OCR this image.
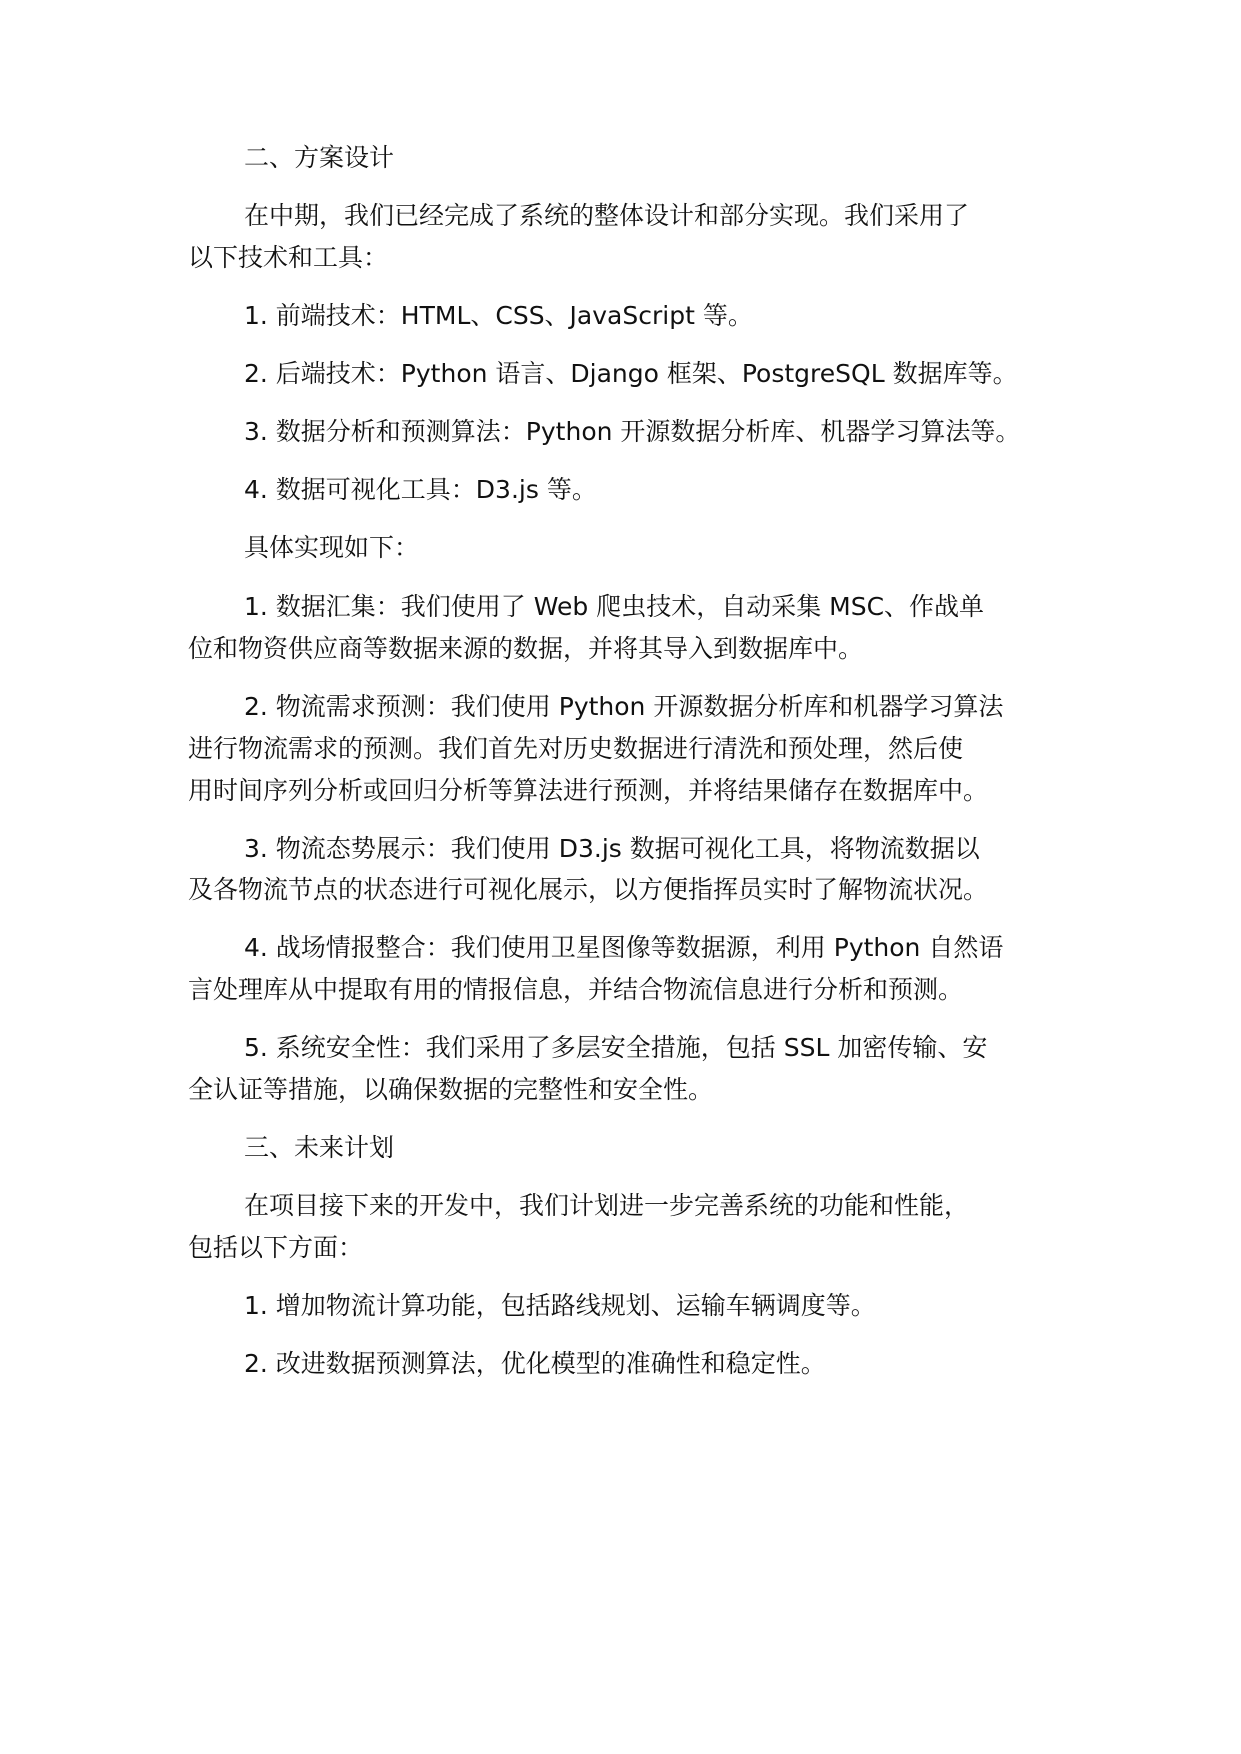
二、方案设计
在中期，我们已经完成了系统的整体设计和部分实现。我们采用了
以下技术和工具：
1. 前端技术：HTML、CSS、JavaScript 等。
2. 后端技术：Python 语言、Django 框架、PostgreSQL 数据库等。
3. 数据分析和预测算法：Python 开源数据分析库、机器学习算法等。
4. 数据可视化工具：D3.js 等。
具体实现如下：
1. 数据汇集：我们使用了 Web 爬虫技术，自动采集 MSC、作战单
位和物资供应商等数据来源的数据，并将其导入到数据库中。
2. 物流需求预测：我们使用 Python 开源数据分析库和机器学习算法
进行物流需求的预测。我们首先对历史数据进行清洗和预处理，然后使
用时间序列分析或回归分析等算法进行预测，并将结果储存在数据库中。
3. 物流态势展示：我们使用 D3.js 数据可视化工具，将物流数据以
及各物流节点的状态进行可视化展示，以方便指挥员实时了解物流状况。
4. 战场情报整合：我们使用卫星图像等数据源，利用 Python 自然语
言处理库从中提取有用的情报信息，并结合物流信息进行分析和预测。
5. 系统安全性：我们采用了多层安全措施，包括 SSL 加密传输、安
全认证等措施，以确保数据的完整性和安全性。
三、未来计划
在项目接下来的开发中，我们计划进一步完善系统的功能和性能，
包括以下方面：
1. 增加物流计算功能，包括路线规划、运输车辆调度等。
2. 改进数据预测算法，优化模型的准确性和稳定性。
